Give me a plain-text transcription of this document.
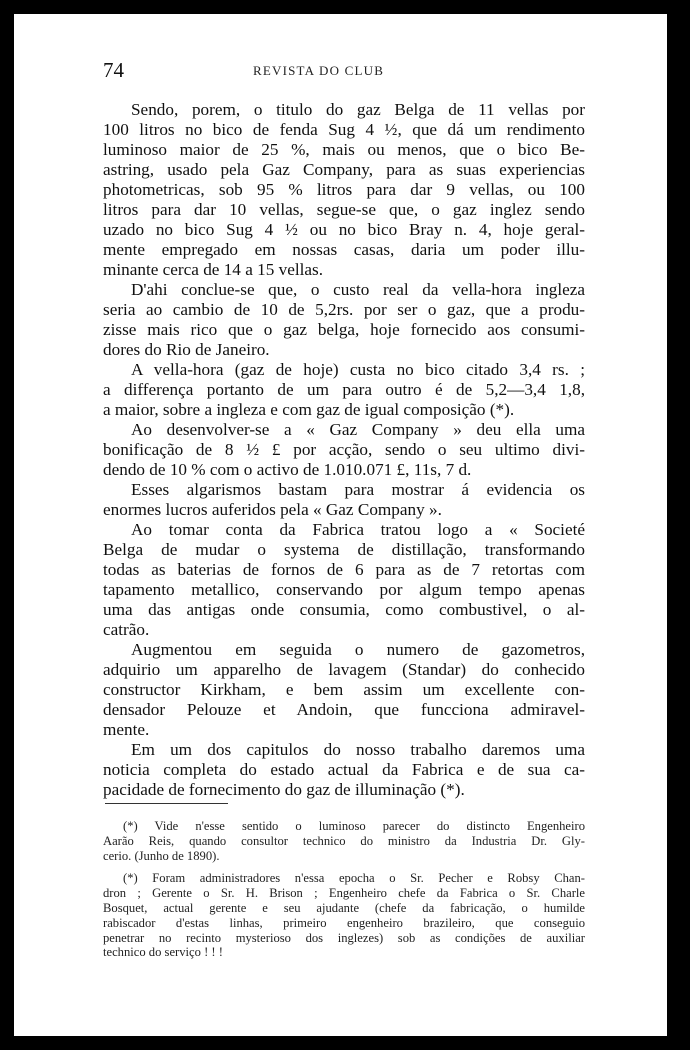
74	REVISTA DO CLUB

Sendo, porem, o titulo do gaz Belga de 11 vellas por
100 litros no bico de fenda Sug 4 ½, que dá um rendimento
luminoso maior de 25 %, mais ou menos, que o bico Be-
astring, usado pela Gaz Company, para as suas experiencias
photometricas, sob 95 % litros para dar 9 vellas, ou 100
litros para dar 10 vellas, segue-se que, o gaz inglez sendo
uzado no bico Sug 4 ½ ou no bico Bray n. 4, hoje geral-
mente empregado em nossas casas, daria um poder illu-
minante cerca de 14 a 15 vellas.

D'ahi conclue-se que, o custo real da vella-hora ingleza
seria ao cambio de 10 de 5,2rs. por ser o gaz, que a produ-
zisse mais rico que o gaz belga, hoje fornecido aos consumi-
dores do Rio de Janeiro.

A vella-hora (gaz de hoje) custa no bico citado 3,4 rs. ;
a differença portanto de um para outro é de 5,2—3,4 1,8,
a maior, sobre a ingleza e com gaz de igual composição (*).

Ao desenvolver-se a « Gaz Company » deu ella uma
bonificação de 8 ½ £ por acção, sendo o seu ultimo divi-
dendo de 10 % com o activo de 1.010.071 £, 11s, 7 d.

Esses algarismos bastam para mostrar á evidencia os
enormes lucros auferidos pela « Gaz Company ».

Ao tomar conta da Fabrica tratou logo a « Societé
Belga de mudar o systema de distillação, transformando
todas as baterias de fornos de 6 para as de 7 retortas com
tapamento metallico, conservando por algum tempo apenas
uma das antigas onde consumia, como combustivel, o al-
catrão.

Augmentou em seguida o numero de gazometros,
adquirio um apparelho de lavagem (Standar) do conhecido
constructor Kirkham, e bem assim um excellente con-
densador Pelouze et Andoin, que funcciona admiravel-
mente.

Em um dos capitulos do nosso trabalho daremos uma
noticia completa do estado actual da Fabrica e de sua ca-
pacidade de fornecimento do gaz de illuminação (*).

(*) Vide n'esse sentido o luminoso parecer do distincto Engenheiro
Aarão Reis, quando consultor technico do ministro da Industria Dr. Gly-
cerio. (Junho de 1890).

(*) Foram administradores n'essa epocha o Sr. Pecher e Robsy Chan-
dron ; Gerente o Sr. H. Brison ; Engenheiro chefe da Fabrica o Sr. Charle
Bosquet, actual gerente e seu ajudante (chefe da fabricação, o humilde
rabiscador d'estas linhas, primeiro engenheiro brazileiro, que conseguio
penetrar no recinto mysterioso dos inglezes) sob as condições de auxiliar
technico do serviço ! ! !
